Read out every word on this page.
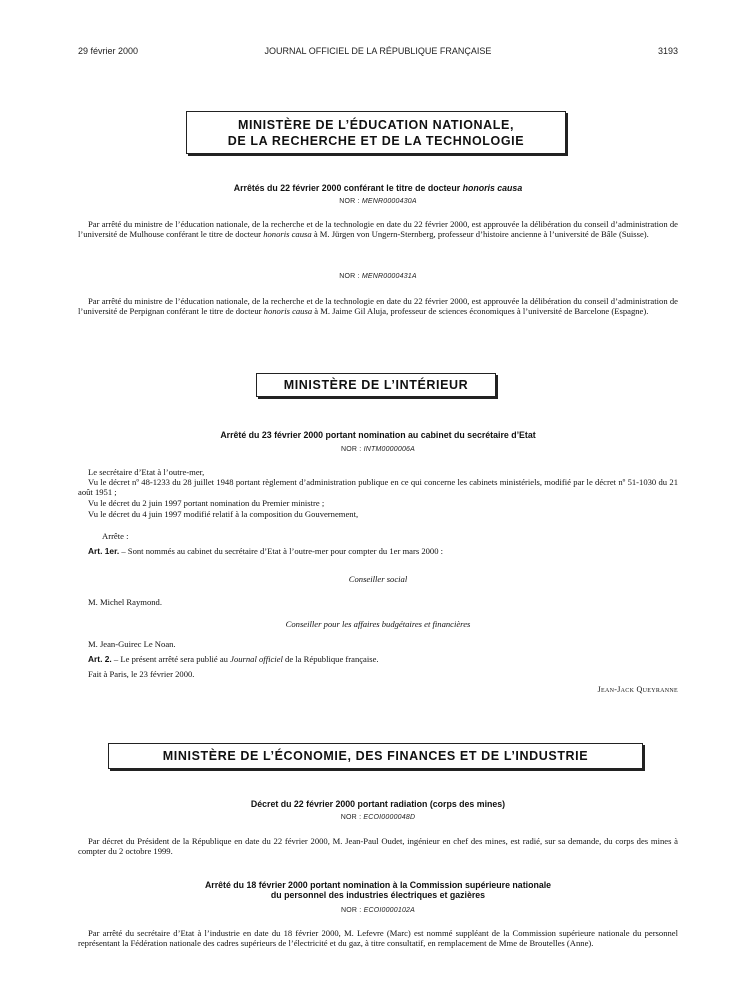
29 février 2000	JOURNAL OFFICIEL DE LA RÉPUBLIQUE FRANÇAISE	3193
MINISTÈRE DE L’ÉDUCATION NATIONALE,
DE LA RECHERCHE ET DE LA TECHNOLOGIE
Arrêtés du 22 février 2000 conférant le titre de docteur honoris causa
NOR : MENR0000430A
Par arrêté du ministre de l’éducation nationale, de la recherche et de la technologie en date du 22 février 2000, est approuvée la délibération du conseil d’administration de l’université de Mulhouse conférant le titre de docteur honoris causa à M. Jürgen von Ungern-Sternberg, professeur d’histoire ancienne à l’université de Bâle (Suisse).
NOR : MENR0000431A
Par arrêté du ministre de l’éducation nationale, de la recherche et de la technologie en date du 22 février 2000, est approuvée la délibération du conseil d’administration de l’université de Perpignan conférant le titre de docteur honoris causa à M. Jaime Gil Aluja, professeur de sciences économiques à l’université de Barcelone (Espagne).
MINISTÈRE DE L’INTÉRIEUR
Arrêté du 23 février 2000 portant nomination au cabinet du secrétaire d’Etat
NOR : INTM0000006A
Le secrétaire d’Etat à l’outre-mer,
Vu le décret nº 48-1233 du 28 juillet 1948 portant règlement d’administration publique en ce qui concerne les cabinets ministériels, modifié par le décret nº 51-1030 du 21 août 1951 ;
Vu le décret du 2 juin 1997 portant nomination du Premier ministre ;
Vu le décret du 4 juin 1997 modifié relatif à la composition du Gouvernement,
Arrête :
Art. 1er. – Sont nommés au cabinet du secrétaire d’Etat à l’outre-mer pour compter du 1er mars 2000 :
Conseiller social
M. Michel Raymond.
Conseiller pour les affaires budgétaires et financières
M. Jean-Guirec Le Noan.
Art. 2. – Le présent arrêté sera publié au Journal officiel de la République française.
Fait à Paris, le 23 février 2000.
Jean-Jack Queyranne
MINISTÈRE DE L’ÉCONOMIE, DES FINANCES ET DE L’INDUSTRIE
Décret du 22 février 2000 portant radiation (corps des mines)
NOR : ECOI0000048D
Par décret du Président de la République en date du 22 février 2000, M. Jean-Paul Oudet, ingénieur en chef des mines, est radié, sur sa demande, du corps des mines à compter du 2 octobre 1999.
Arrêté du 18 février 2000 portant nomination à la Commission supérieure nationale
du personnel des industries électriques et gazières
NOR : ECOI0000102A
Par arrêté du secrétaire d’Etat à l’industrie en date du 18 février 2000, M. Lefevre (Marc) est nommé suppléant de la Commission supérieure nationale du personnel représentant la Fédération nationale des cadres supérieurs de l’électricité et du gaz, à titre consultatif, en remplacement de Mme de Broutelles (Anne).
